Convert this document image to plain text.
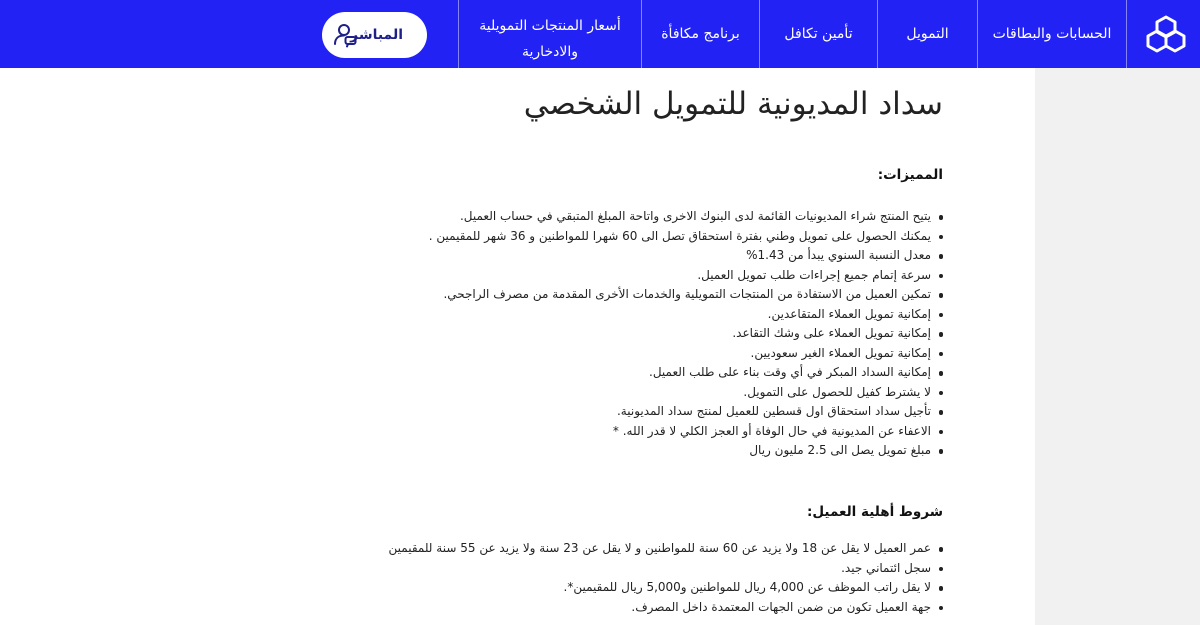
الحسابات والبطاقات
التمويل
تأمين تكافل
برنامج مكافأة
أسعار المنتجات التمويلية
والادخارية
المباشر
سداد المديونية للتمويل الشخصي
المميزات:
يتيح المنتج شراء المديونيات القائمة لدى البنوك الاخرى واتاحة المبلغ المتبقي في حساب العميل.
يمكنك الحصول على تمويل وطني بفترة استحقاق تصل الى 60 شهرا للمواطنين و 36 شهر للمقيمين .
معدل النسبة السنوي يبدأ من 1.43%
سرعة إتمام جميع إجراءات طلب تمويل العميل.
تمكين العميل من الاستفادة من المنتجات التمويلية والخدمات الأخرى المقدمة من مصرف الراجحي.
إمكانية تمويل العملاء المتقاعدين.
إمكانية تمويل العملاء على وشك التقاعد.
إمكانية تمويل العملاء الغير سعوديين.
إمكانية السداد المبكر في أي وقت بناء على طلب العميل.
لا يشترط كفيل للحصول على التمويل.
تأجيل سداد استحقاق اول قسطين للعميل لمنتج سداد المديونية.
الاعفاء عن المديونية في حال الوفاة أو العجز الكلي لا قدر الله. *
مبلغ تمويل يصل الى 2.5 مليون ريال
شروط أهلية العميل:
عمر العميل لا يقل عن 18 ولا يزيد عن 60 سنة للمواطنين و لا يقل عن 23 سنة ولا يزيد عن 55 سنة للمقيمين
سجل ائتماني جيد.
لا يقل راتب الموظف عن 4,000 ريال للمواطنين و5,000 ريال للمقيمين*.
جهة العميل تكون من ضمن الجهات المعتمدة داخل المصرف.
